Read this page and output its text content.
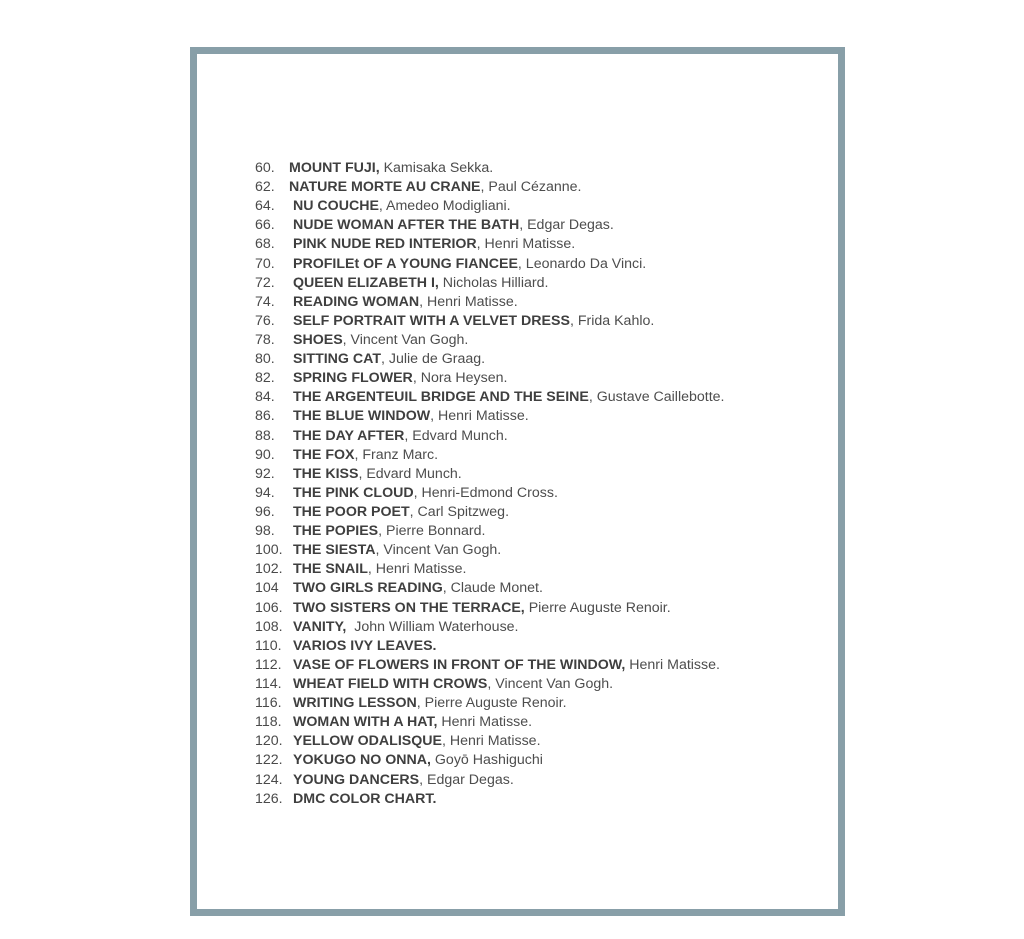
60. MOUNT FUJI, Kamisaka Sekka.
62. NATURE MORTE AU CRANE, Paul Cézanne.
64. NU COUCHE, Amedeo Modigliani.
66. NUDE WOMAN AFTER THE BATH, Edgar Degas.
68. PINK NUDE RED INTERIOR, Henri Matisse.
70. PROFILEt OF A YOUNG FIANCEE, Leonardo Da Vinci.
72. QUEEN ELIZABETH I, Nicholas Hilliard.
74. READING WOMAN, Henri Matisse.
76. SELF PORTRAIT WITH A VELVET DRESS, Frida Kahlo.
78. SHOES, Vincent Van Gogh.
80. SITTING CAT, Julie de Graag.
82. SPRING FLOWER, Nora Heysen.
84. THE ARGENTEUIL BRIDGE AND THE SEINE, Gustave Caillebotte.
86. THE BLUE WINDOW, Henri Matisse.
88. THE DAY AFTER, Edvard Munch.
90. THE FOX, Franz Marc.
92. THE KISS, Edvard Munch.
94. THE PINK CLOUD, Henri-Edmond Cross.
96. THE POOR POET, Carl Spitzweg.
98. THE POPIES, Pierre Bonnard.
100. THE SIESTA, Vincent Van Gogh.
102. THE SNAIL, Henri Matisse.
104 TWO GIRLS READING, Claude Monet.
106. TWO SISTERS ON THE TERRACE, Pierre Auguste Renoir.
108. VANITY,  John William Waterhouse.
110. VARIOS IVY LEAVES.
112. VASE OF FLOWERS IN FRONT OF THE WINDOW, Henri Matisse.
114. WHEAT FIELD WITH CROWS, Vincent Van Gogh.
116. WRITING LESSON, Pierre Auguste Renoir.
118. WOMAN WITH A HAT, Henri Matisse.
120. YELLOW ODALISQUE, Henri Matisse.
122. YOKUGO NO ONNA, Goyō Hashiguchi
124. YOUNG DANCERS, Edgar Degas.
126. DMC COLOR CHART.
